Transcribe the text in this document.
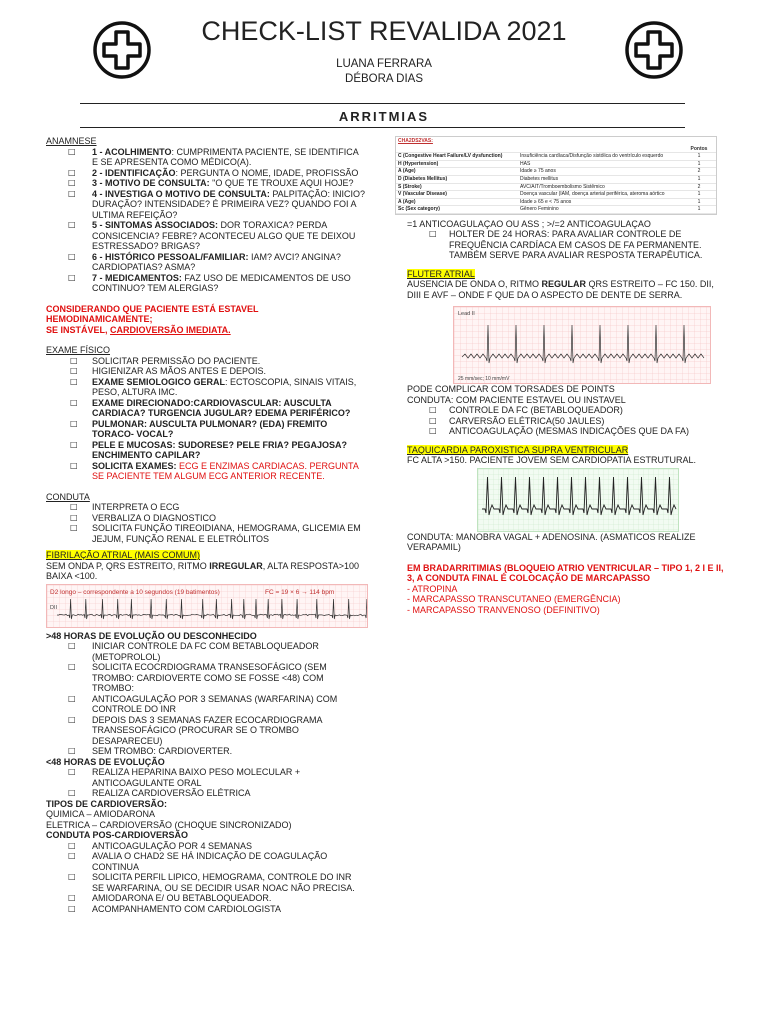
CHECK-LIST REVALIDA 2021
LUANA FERRARA
DÉBORA DIAS
ARRITMIAS
ANAMNESE
□ 1 - ACOLHIMENTO: CUMPRIMENTA PACIENTE, SE IDENTIFICA E SE APRESENTA COMO MÉDICO(A).
□ 2 - IDENTIFICAÇÃO: PERGUNTA O NOME, IDADE, PROFISSÃO
□ 3 - MOTIVO DE CONSULTA: "O QUE TE TROUXE AQUI HOJE?
□ 4 - INVESTIGA O MOTIVO DE CONSULTA: PALPITAÇÃO: INICIO? DURAÇÃO? INTENSIDADE? É PRIMEIRA VEZ? QUANDO FOI A ULTIMA REFEIÇÃO?
□ 5 - SINTOMAS ASSOCIADOS: DOR TORAXICA? PERDA CONSICENCIA? FEBRE? ACONTECEU ALGO QUE TE DEIXOU ESTRESSADO? BRIGAS?
□ 6 - HISTÓRICO PESSOAL/FAMILIAR: IAM? AVCI? ANGINA? CARDIOPATIAS? ASMA?
□ 7 - MEDICAMENTOS: FAZ USO DE MEDICAMENTOS DE USO CONTINUO? TEM ALERGIAS?
CONSIDERANDO QUE PACIENTE ESTÁ ESTAVEL HEMODINAMICAMENTE;
SE INSTÁVEL, CARDIOVERSÃO IMEDIATA.
EXAME FÍSICO
□ SOLICITAR PERMISSÃO DO PACIENTE.
□ HIGIENIZAR AS MÃOS ANTES E DEPOIS.
□ EXAME SEMIOLOGICO GERAL: ECTOSCOPIA, SINAIS VITAIS, PESO, ALTURA IMC.
□ EXAME DIRECIONADO:CARDIOVASCULAR: AUSCULTA CARDIACA? TURGENCIA JUGULAR? EDEMA PERIFÉRICO?
□ PULMONAR: AUSCULTA PULMONAR? (EDA) FREMITO TORACO- VOCAL?
□ PELE E MUCOSAS: SUDORESE? PELE FRIA? PEGAJOSA? ENCHIMENTO CAPILAR?
□ SOLICITA EXAMES: ECG E ENZIMAS CARDIACAS. PERGUNTA SE PACIENTE TEM ALGUM ECG ANTERIOR RECENTE.
CONDUTA
□ INTERPRETA O ECG
□ VERBALIZA O DIAGNOSTICO
□ SOLICITA FUNÇÃO TIREOIDIANA, HEMOGRAMA, GLICEMIA EM JEJUM, FUNÇÃO RENAL E ELETRÓLITOS
FIBRILAÇÃO ATRIAL (MAIS COMUM)
SEM ONDA P, QRS ESTREITO, RITMO IRREGULAR, ALTA RESPOSTA>100 BAIXA <100.
D2 longo – correspondente a 10 segundos (19 batimentos)	FC = 19 × 6 → 114 bpm
DII
>48 HORAS DE EVOLUÇÃO OU DESCONHECIDO
□ INICIAR CONTROLE DA FC COM BETABLOQUEADOR (METOPROLOL)
□ SOLICITA ECOCRDIOGRAMA TRANSESOFÁGICO (SEM TROMBO: CARDIOVERTE COMO SE FOSSE <48) COM TROMBO:
□ ANTICOAGULAÇÃO POR 3 SEMANAS (WARFARINA) COM CONTROLE DO INR
□ DEPOIS DAS 3 SEMANAS FAZER ECOCARDIOGRAMA TRANSESOFÁGICO (PROCURAR SE O TROMBO DESAPARECEU)
□ SEM TROMBO: CARDIOVERTER.
<48 HORAS DE EVOLUÇÃO
□ REALIZA HEPARINA BAIXO PESO MOLECULAR + ANTICOAGULANTE ORAL
□ REALIZA CARDIOVERSÃO ELÉTRICA
TIPOS DE CARDIOVERSÃO:
QUIMICA – AMIODARONA
ELETRICA – CARDIOVERSÃO (CHOQUE SINCRONIZADO)
CONDUTA POS-CARDIOVERSÃO
□ ANTICOAGULAÇÃO POR 4 SEMANAS
□ AVALIA O CHAD2 SE HÁ INDICAÇÃO DE COAGULAÇÃO CONTINUA
□ SOLICITA PERFIL LIPICO, HEMOGRAMA, CONTROLE DO INR SE WARFARINA, OU SE DECIDIR USAR NOAC NÃO PRECISA.
□ AMIODARONA E/ OU BETABLOQUEADOR.
□ ACOMPANHAMENTO COM CARDIOLOGISTA
CHA2DS2VAS:
		Pontos
C (Congestive Heart Failure/LV dysfunction)	Insuficiência cardíaca/Disfunção sistólica do ventrículo esquerdo	1
H (Hypertension)	HAS	1
A (Age)	Idade ≥ 75 anos	2
D (Diabetes Mellitus)	Diabetes mellitus	1
S (Stroke)	AVC/AIT/Tromboembolismo Sistêmico	2
V (Vascular Disease)	Doença vascular (IAM, doença arterial periférica, ateroma aórtico	1
A (Age)	Idade ≥ 65 e < 75 anos	1
Sc (Sex category)	Gênero Feminino	1
=1 ANTICOAGULAÇAO OU ASS ; >/=2 ANTICOAGULAÇAO
□ HOLTER DE 24 HORAS: PARA AVALIAR CONTROLE DE FREQUÊNCIA CARDÍACA EM CASOS DE FA PERMANENTE. TAMBÉM SERVE PARA AVALIAR RESPOSTA TERAPÊUTICA.
FLUTER ATRIAL
AUSENCIA DE ONDA O, RITMO REGULAR QRS ESTREITO – FC 150. DII, DIII E AVF – ONDE F QUE DA O ASPECTO DE DENTE DE SERRA.
Lead II
25 mm/sec; 10 mm/mV
PODE COMPLICAR COM TORSADES DE POINTS
CONDUTA: COM PACIENTE ESTAVEL OU INSTAVEL
□ CONTROLE DA FC (BETABLOQUEADOR)
□ CARVERSÃO ELÉTRICA(50 JAULES)
□ ANTICOAGULAÇÃO (MESMAS INDICAÇÕES QUE DA FA)
TAQUICARDIA PAROXISTICA SUPRA VENTRICULAR
FC ALTA >150. PACIENTE JOVEM SEM CARDIOPATIA ESTRUTURAL.
CONDUTA: MANOBRA VAGAL + ADENOSINA. (ASMATICOS REALIZE VERAPAMIL)
EM BRADARRITIMIAS (BLOQUEIO ATRIO VENTRICULAR – TIPO 1, 2 I E II, 3, A CONDUTA FINAL É COLOCAÇÃO DE MARCAPASSO
- ATROPINA
- MARCAPASSO TRANSCUTANEO (EMERGÊNCIA)
- MARCAPASSO TRANVENOSO (DEFINITIVO)
